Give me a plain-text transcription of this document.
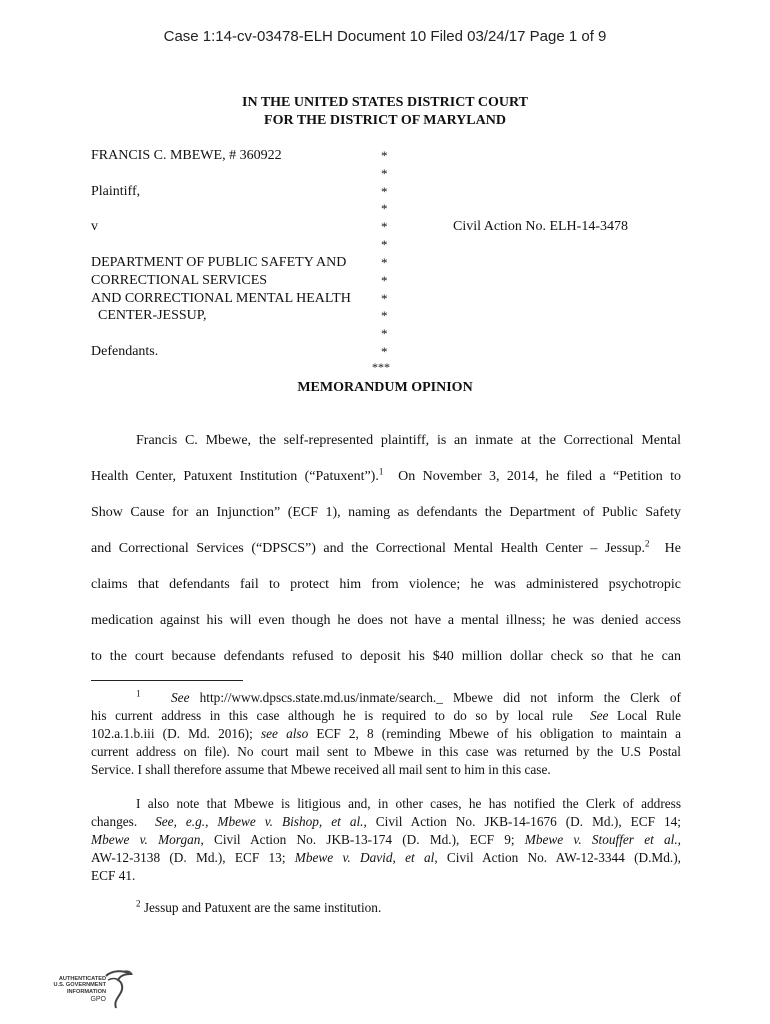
Case 1:14-cv-03478-ELH Document 10 Filed 03/24/17 Page 1 of 9
IN THE UNITED STATES DISTRICT COURT
FOR THE DISTRICT OF MARYLAND
FRANCIS C. MBEWE, # 360922
Plaintiff,
v
DEPARTMENT OF PUBLIC SAFETY AND
CORRECTIONAL SERVICES
AND CORRECTIONAL MENTAL HEALTH
CENTER-JESSUP,
Defendants.
*
*
*
*
*
*
*
*
*
*
*
*
***
Civil Action No. ELH-14-3478
MEMORANDUM OPINION
Francis C. Mbewe, the self-represented plaintiff, is an inmate at the Correctional Mental
Health Center, Patuxent Institution (“Patuxent”).$^1$  On November 3, 2014, he filed a “Petition to
Show Cause for an Injunction” (ECF 1), naming as defendants the Department of Public Safety
and Correctional Services (“DPSCS”) and the Correctional Mental Health Center – Jessup.$^2$  He
claims that defendants fail to protect him from violence; he was administered psychotropic
medication against his will even though he does not have a mental illness; he was denied access
to the court because defendants refused to deposit his $40 million dollar check so that he can
$^1$ See http://www.dpscs.state.md.us/inmate/search._ Mbewe did not inform the Clerk of
his current address in this case although he is required to do so by local rule  See Local Rule
102.a.1.b.iii (D. Md. 2016); see also ECF 2, 8 (reminding Mbewe of his obligation to maintain a
current address on file). No court mail sent to Mbewe in this case was returned by the U.S Postal
Service. I shall therefore assume that Mbewe received all mail sent to him in this case.
I also note that Mbewe is litigious and, in other cases, he has notified the Clerk of address
changes.  See, e.g., Mbewe v. Bishop, et al., Civil Action No. JKB-14-1676 (D. Md.), ECF 14;
Mbewe v. Morgan, Civil Action No. JKB-13-174 (D. Md.), ECF 9; Mbewe v. Stouffer et al.,
AW-12-3138 (D. Md.), ECF 13; Mbewe v. David, et al, Civil Action No. AW-12-3344 (D.Md.),
ECF 41.
$^2$ Jessup and Patuxent are the same institution.
AUTHENTICATED
U.S. GOVERNMENT
INFORMATION
GPO
